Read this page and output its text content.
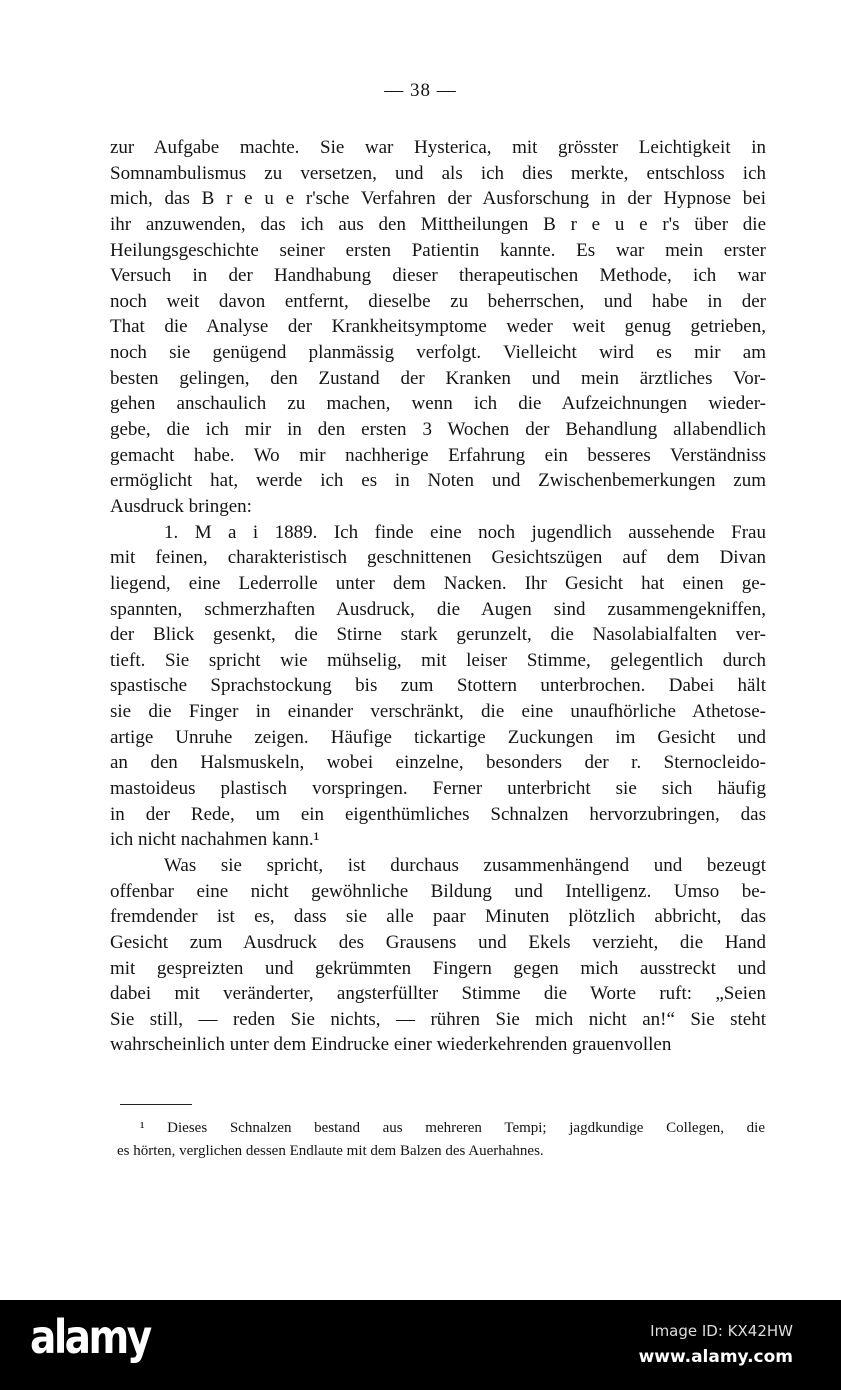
— 38 —
zur Aufgabe machte. Sie war Hysterica, mit grösster Leichtigkeit in
Somnambulismus zu versetzen, und als ich dies merkte, entschloss ich
mich, das B r e u e r'sche Verfahren der Ausforschung in der Hypnose bei
ihr anzuwenden, das ich aus den Mittheilungen B r e u e r's über die
Heilungsgeschichte seiner ersten Patientin kannte. Es war mein erster
Versuch in der Handhabung dieser therapeutischen Methode, ich war
noch weit davon entfernt, dieselbe zu beherrschen, und habe in der
That die Analyse der Krankheitsymptome weder weit genug getrieben,
noch sie genügend planmässig verfolgt. Vielleicht wird es mir am
besten gelingen, den Zustand der Kranken und mein ärztliches Vor-
gehen anschaulich zu machen, wenn ich die Aufzeichnungen wieder-
gebe, die ich mir in den ersten 3 Wochen der Behandlung allabendlich
gemacht habe. Wo mir nachherige Erfahrung ein besseres Verständniss
ermöglicht hat, werde ich es in Noten und Zwischenbemerkungen zum
Ausdruck bringen:
1. M a i 1889. Ich finde eine noch jugendlich aussehende Frau
mit feinen, charakteristisch geschnittenen Gesichtszügen auf dem Divan
liegend, eine Lederrolle unter dem Nacken. Ihr Gesicht hat einen ge-
spannten, schmerzhaften Ausdruck, die Augen sind zusammengekniffen,
der Blick gesenkt, die Stirne stark gerunzelt, die Nasolabialfalten ver-
tieft. Sie spricht wie mühselig, mit leiser Stimme, gelegentlich durch
spastische Sprachstockung bis zum Stottern unterbrochen. Dabei hält
sie die Finger in einander verschränkt, die eine unaufhörliche Athetose-
artige Unruhe zeigen. Häufige tickartige Zuckungen im Gesicht und
an den Halsmuskeln, wobei einzelne, besonders der r. Sternocleido-
mastoideus plastisch vorspringen. Ferner unterbricht sie sich häufig
in der Rede, um ein eigenthümliches Schnalzen hervorzubringen, das
ich nicht nachahmen kann.¹
Was sie spricht, ist durchaus zusammenhängend und bezeugt
offenbar eine nicht gewöhnliche Bildung und Intelligenz. Umso be-
fremdender ist es, dass sie alle paar Minuten plötzlich abbricht, das
Gesicht zum Ausdruck des Grausens und Ekels verzieht, die Hand
mit gespreizten und gekrümmten Fingern gegen mich ausstreckt und
dabei mit veränderter, angsterfüllter Stimme die Worte ruft: „Seien
Sie still, — reden Sie nichts, — rühren Sie mich nicht an!“ Sie steht
wahrscheinlich unter dem Eindrucke einer wiederkehrenden grauenvollen
¹ Dieses Schnalzen bestand aus mehreren Tempi; jagdkundige Collegen, die
es hörten, verglichen dessen Endlaute mit dem Balzen des Auerhahnes.
alamy	Image ID: KX42HW
www.alamy.com
